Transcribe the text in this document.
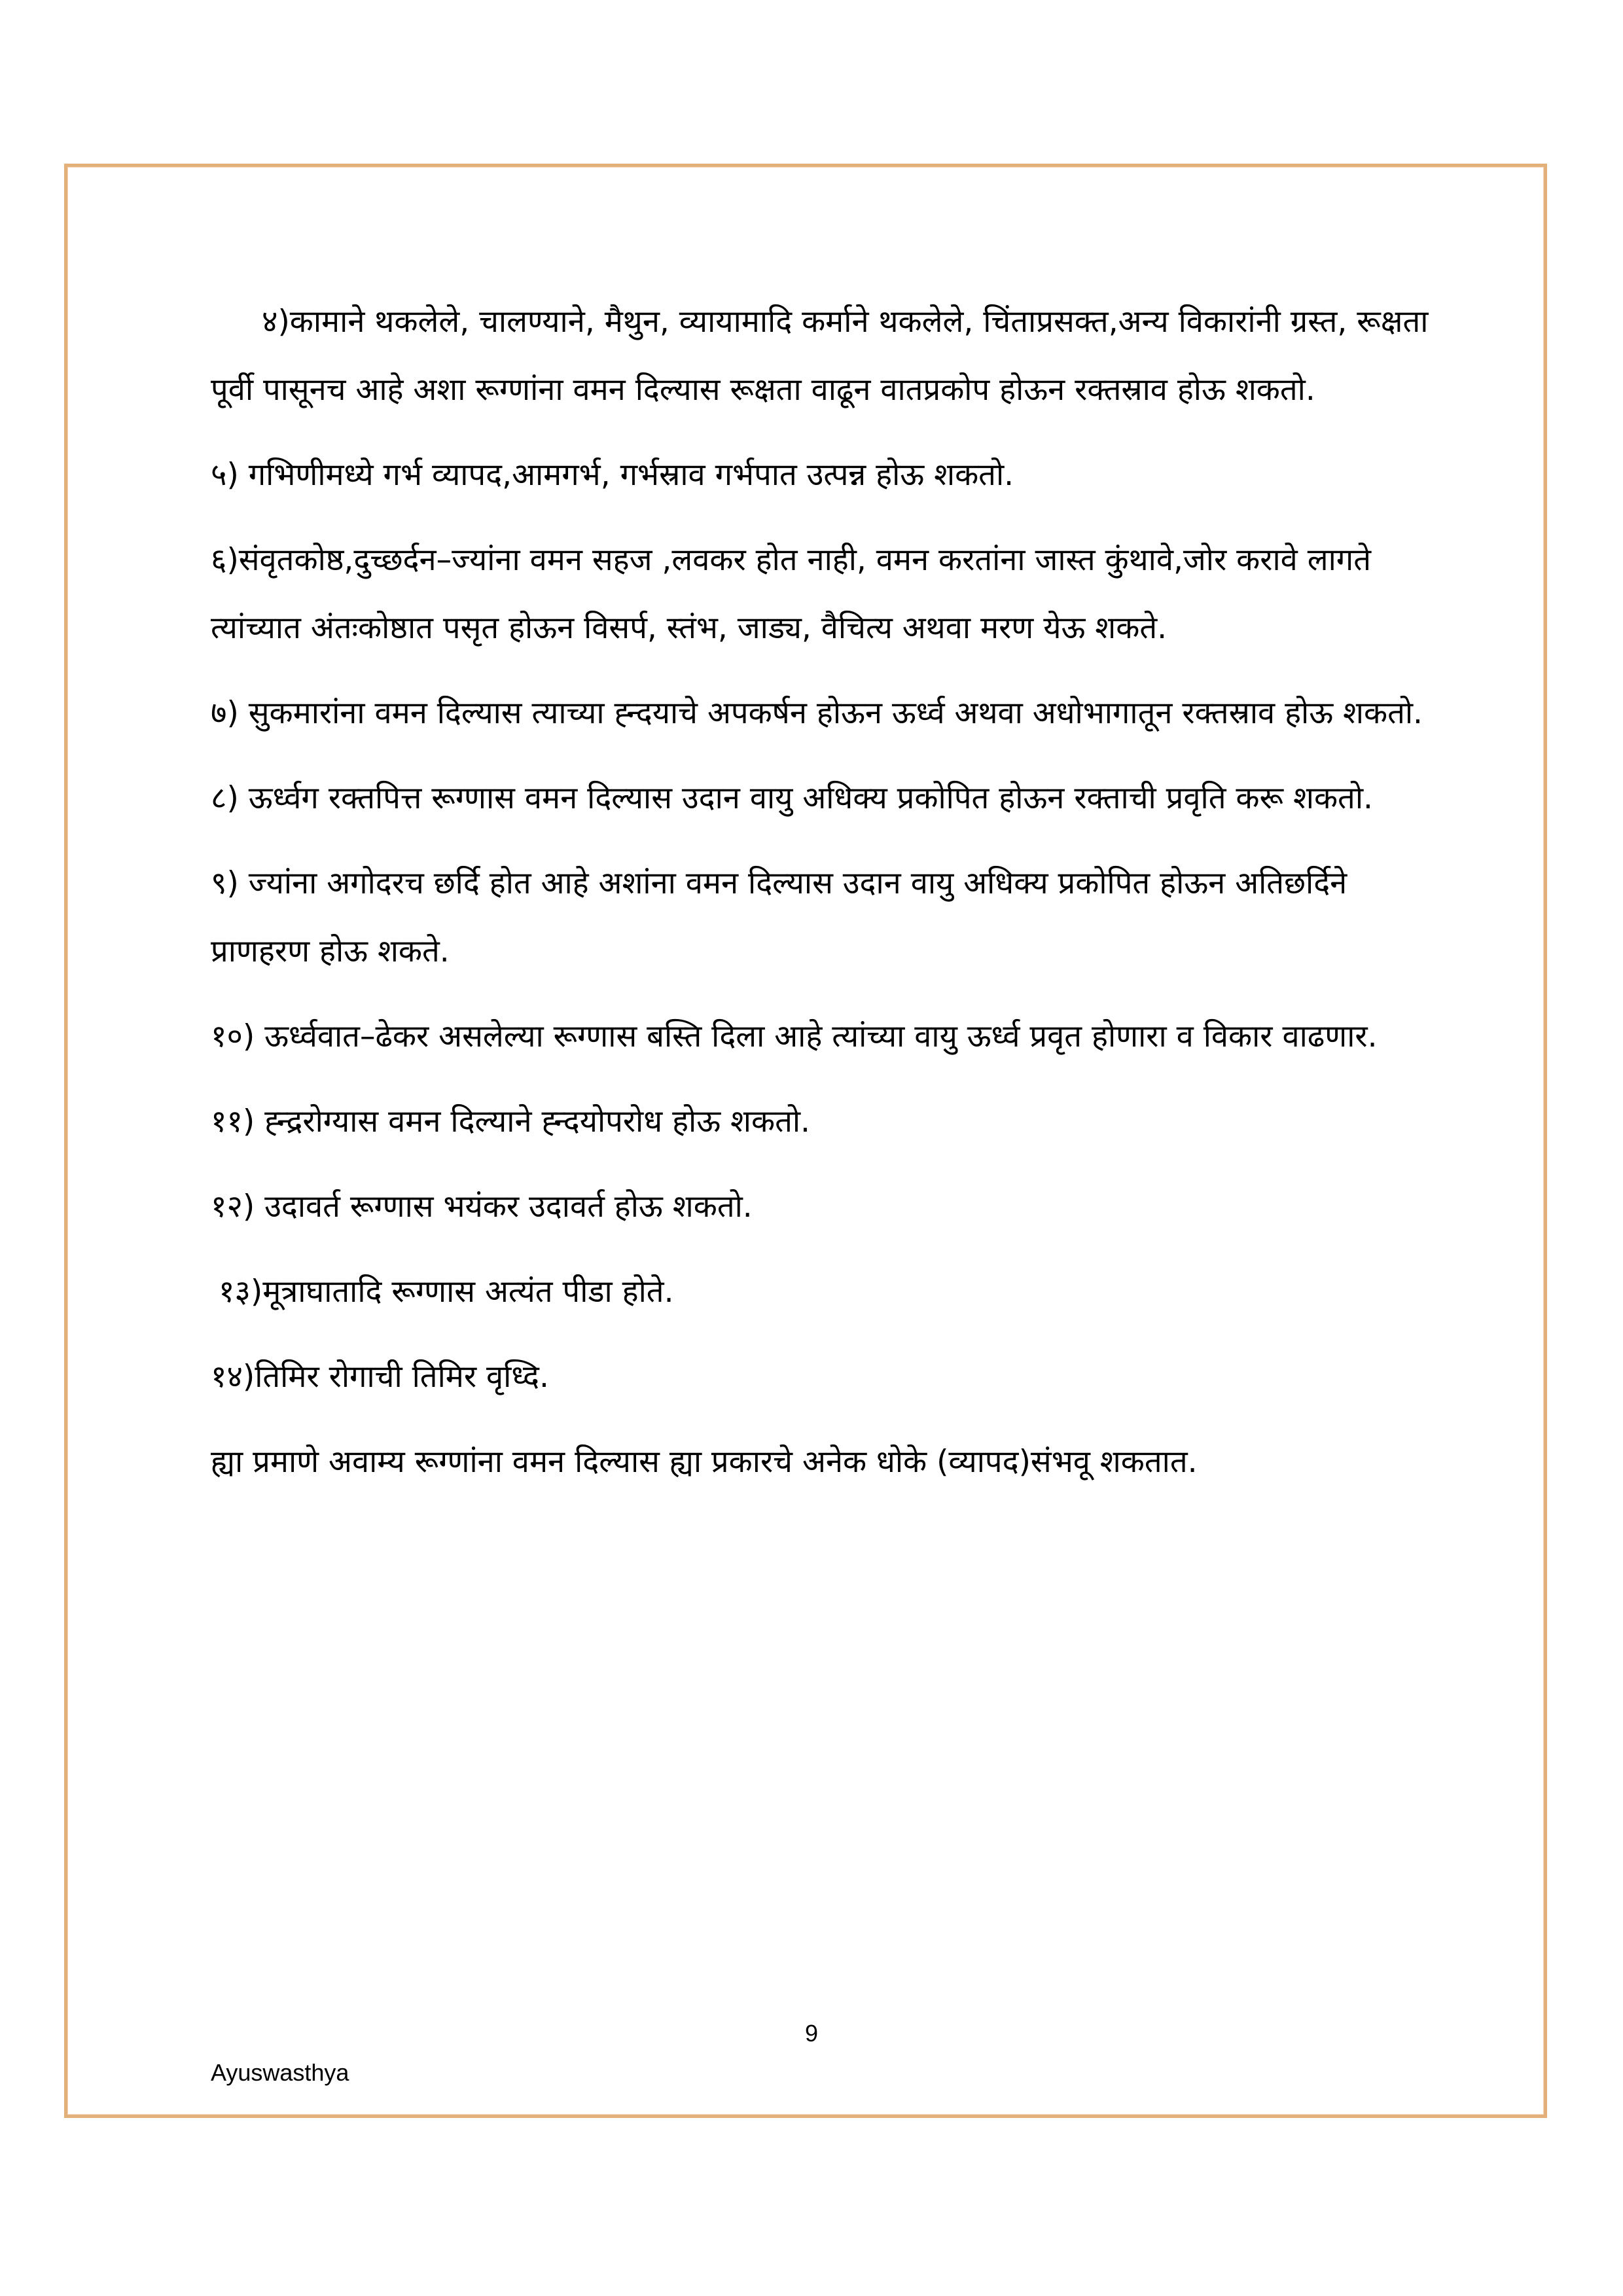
४)कामाने थकलेले, चालण्याने, मैथुन, व्यायामादि कर्माने थकलेले, चिंताप्रसक्त,अन्य विकारांनी ग्रस्त, रूक्षता पूर्वी पासूनच आहे अशा रूग्णांना वमन दिल्यास रूक्षता वाढून वातप्रकोप होऊन रक्तस्राव होऊ शकतो.

५) गभिणीमध्ये गर्भ व्यापद,आमगर्भ, गर्भस्राव गर्भपात उत्पन्न होऊ शकतो.

६)संवृतकोष्ठ,दुच्छर्दन–ज्यांना वमन सहज ,लवकर होत नाही, वमन करतांना जास्त कुंथावे,जोर करावे लागते त्यांच्यात अंतःकोष्ठात पसृत होऊन विसर्प, स्तंभ, जाड्य, वैचित्य अथवा मरण येऊ शकते.

७) सुकमारांना वमन दिल्यास त्याच्या ह्न्दयाचे अपकर्षन होऊन ऊर्ध्व अथवा अधोभागातून रक्तस्राव होऊ शकतो.

८) ऊर्ध्वग रक्तपित्त रूग्णास वमन दिल्यास उदान वायु अधिक्य प्रकोपित होऊन रक्ताची प्रवृति करू शकतो.

९) ज्यांना अगोदरच छर्दि होत आहे अशांना वमन दिल्यास उदान वायु अधिक्य प्रकोपित होऊन अतिछर्दिने प्राणहरण होऊ शकते.

१०) ऊर्ध्ववात–ढेकर असलेल्या रूग्णास बस्ति दिला आहे त्यांच्या वायु ऊर्ध्व प्रवृत होणारा व विकार वाढणार.

११) ह्न्द्ररोग्यास वमन दिल्याने ह्न्दयोपरोध होऊ शकतो.

१२) उदावर्त रूग्णास भयंकर उदावर्त होऊ शकतो.

१३)मूत्राघातादि रूग्णास अत्यंत पीडा होते.

१४)तिमिर रोगाची तिमिर वृध्दि.

ह्या प्रमाणे अवाम्य रूग्णांना वमन दिल्यास ह्या प्रकारचे अनेक धोके (व्यापद)संभवू शकतात.

9
Ayuswasthya
